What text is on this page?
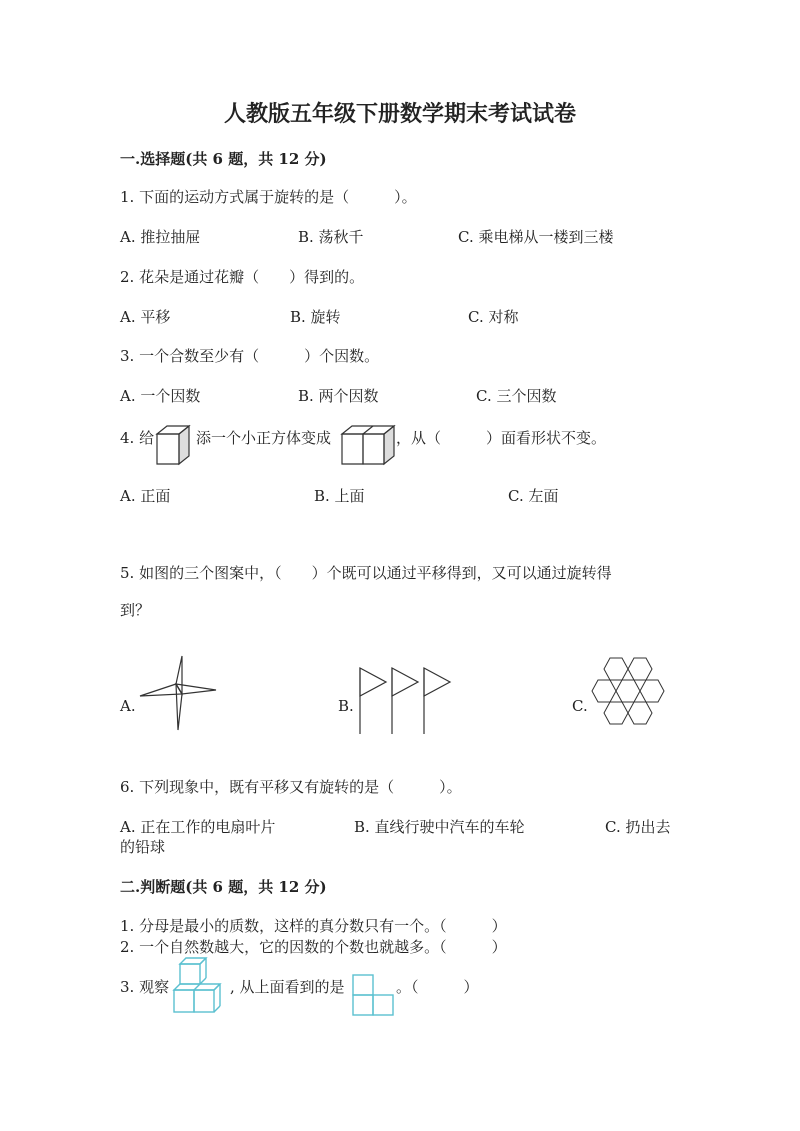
人教版五年级下册数学期末考试试卷
一.选择题(共 6 题，共 12 分)
1. 下面的运动方式属于旋转的是（　　　）。
A. 推拉抽屉	B. 荡秋千	C. 乘电梯从一楼到三楼
2. 花朵是通过花瓣（　　）得到的。
A. 平移	B. 旋转	C. 对称
3. 一个合数至少有（　　　）个因数。
A. 一个因数	B. 两个因数	C. 三个因数
4. 给	添一个小正方体变成	，从（　　　）面看形状不变。
A. 正面	B. 上面	C. 左面
5. 如图的三个图案中，（　　）个既可以通过平移得到，又可以通过旋转得
到？
A.	B.	C.
6. 下列现象中，既有平移又有旋转的是（　　　）。
A. 正在工作的电扇叶片	B. 直线行驶中汽车的车轮	C. 扔出去
的铅球
二.判断题(共 6 题，共 12 分)
1. 分母是最小的质数，这样的真分数只有一个。（　　　）
2. 一个自然数越大，它的因数的个数也就越多。（　　　）
3. 观察	, 从上面看到的是	。（　　　）
